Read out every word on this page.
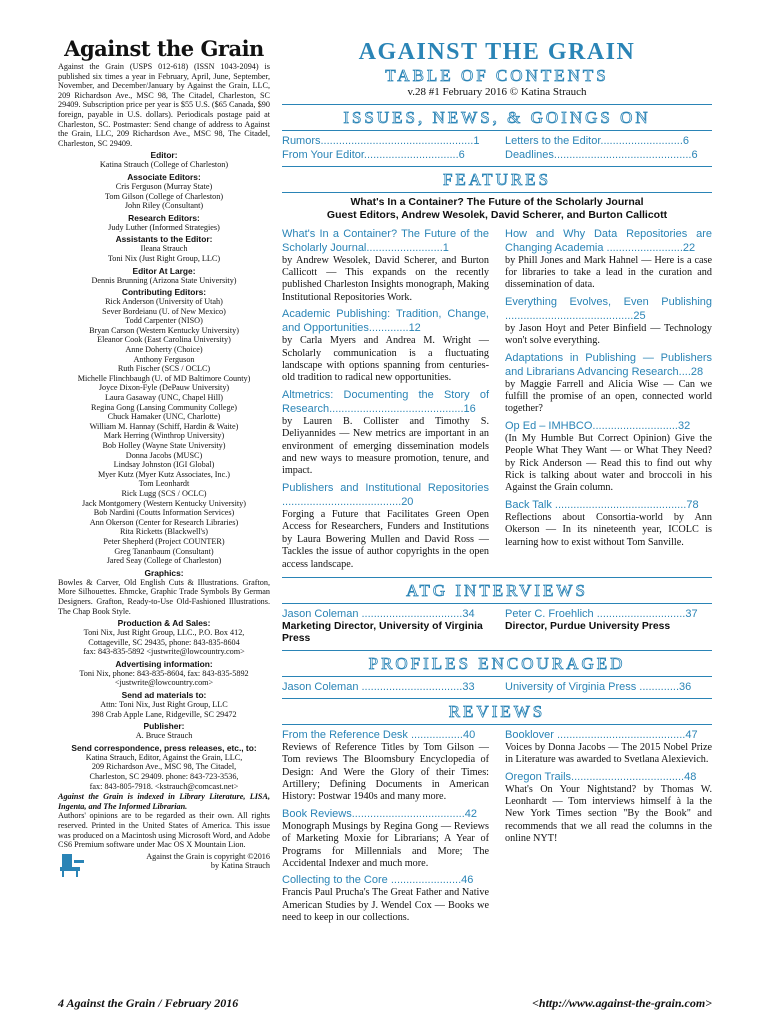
Against the Grain

Against the Grain (USPS 012-618) (ISSN 1043-2094) is published six times a year in February, April, June, September, November, and December/January by Against the Grain, LLC, 209 Richardson Ave., MSC 98, The Citadel, Charleston, SC 29409. Subscription price per year is $55 U.S. ($65 Canada, $90 foreign, payable in U.S. dollars). Periodicals postage paid at Charleston, SC. Postmaster: Send change of address to Against the Grain, LLC, 209 Richardson Ave., MSC 98, The Citadel, Charleston, SC 29409.

Editor:

Katina Strauch (College of Charleston)

Associate Editors:
Cris Ferguson (Murray State)
Tom Gilson (College of Charleston)
John Riley (Consultant)
Research Editors:
Judy Luther (Informed Strategies)
Assistants to the Editor:
Ileana Strauch
Toni Nix (Just Right Group, LLC)
Editor At Large:
Dennis Brunning (Arizona State University)
Contributing Editors:
Rick Anderson (University of Utah)
Sever Bordeianu (U. of New Mexico)
Todd Carpenter (NISO)
Bryan Carson (Western Kentucky University)
Eleanor Cook (East Carolina University)
Anne Doherty (Choice)
Anthony Ferguson
Ruth Fischer (SCS / OCLC)
Michelle Flinchbaugh (U. of MD Baltimore County)
Joyce Dixon-Fyle (DePauw University)
Laura Gasaway (UNC, Chapel Hill)
Regina Gong (Lansing Community College)
Chuck Hamaker (UNC, Charlotte)
William M. Hannay (Schiff, Hardin & Waite)
Mark Herring (Winthrop University)
Bob Holley (Wayne State University)
Donna Jacobs (MUSC)
Lindsay Johnston (IGI Global)
Myer Kutz (Myer Kutz Associates, Inc.)
Tom Leonhardt
Rick Lugg (SCS / OCLC)
Jack Montgomery (Western Kentucky University)
Bob Nardini (Coutts Information Services)
Ann Okerson (Center for Research Libraries)
Rita Ricketts (Blackwell's)
Peter Shepherd (Project COUNTER)
Greg Tananbaum (Consultant)
Jared Seay (College of Charleston)
Graphics:

Bowles & Carver, Old English Cuts & Illustrations. Grafton, More Silhouettes. Ehmcke, Graphic Trade Symbols By German Designers. Grafton, Ready-to-Use Old-Fashioned Illustrations. The Chap Book Style.

Production & Ad Sales:
Toni Nix, Just Right Group, LLC., P.O. Box 412,
Cottageville, SC 29435, phone: 843-835-8604
fax: 843-835-5892 <justwrite@lowcountry.com>
Advertising information:
Toni Nix, phone: 843-835-8604, fax: 843-835-5892
<justwrite@lowcountry.com>
Send ad materials to:
Attn: Toni Nix, Just Right Group, LLC
398 Crab Apple Lane, Ridgeville, SC 29472
Publisher:
A. Bruce Strauch
Send correspondence, press releases, etc., to:
Katina Strauch, Editor, Against the Grain, LLC,
209 Richardson Ave., MSC 98, The Citadel,
Charleston, SC 29409. phone: 843-723-3536,
fax: 843-805-7918. <kstrauch@comcast.net>

Against the Grain is indexed in Library Literature, LISA, Ingenta, and The Informed Librarian.

Authors' opinions are to be regarded as their own. All rights reserved. Printed in the United States of America. This issue was produced on a Macintosh using Microsoft Word, and Adobe CS6 Premium software under Mac OS X Mountain Lion.

Against the Grain is copyright ©2016
by Katina Strauch
AGAINST THE GRAIN
TABLE OF CONTENTS
v.28 #1 February 2016 © Katina Strauch
ISSUES, NEWS, & GOINGS ON
Rumors..................................................1	Letters to the Editor...........................6
From Your Editor...............................6	Deadlines.............................................6
FEATURES
What's In a Container? The Future of the Scholarly Journal
Guest Editors, Andrew Wesolek, David Scherer, and Burton Callicott
What's In a Container? The Future of the Scholarly Journal.........................1
by Andrew Wesolek, David Scherer, and Burton Callicott — This expands on the recently published Charleston Insights monograph, Making Institutional Repositories Work.
Academic Publishing: Tradition, Change, and Opportunities.............12
by Carla Myers and Andrea M. Wright — Scholarly communication is a fluctuating landscape with options spanning from centuries-old tradition to radical new opportunities.
Altmetrics: Documenting the Story of Research............................................16
by Lauren B. Collister and Timothy S. Deliyannides — New metrics are important in an environment of emerging dissemination models and new ways to measure promotion, tenure, and impact.
Publishers and Institutional Repositories .......................................20
Forging a Future that Facilitates Green Open Access for Researchers, Funders and Institutions by Laura Bowering Mullen and David Ross — Tackles the issue of author copyrights in the open access landscape.
How and Why Data Repositories are Changing Academia .........................22
by Phill Jones and Mark Hahnel — Here is a case for libraries to take a lead in the curation and dissemination of data.
Everything Evolves, Even Publishing ..........................................25
by Jason Hoyt and Peter Binfield — Technology won't solve everything.
Adaptations in Publishing — Publishers and Librarians Advancing Research....28
by Maggie Farrell and Alicia Wise — Can we fulfill the promise of an open, connected world together?
Op Ed – IMHBCO............................32
(In My Humble But Correct Opinion) Give the People What They Want — or What They Need? by Rick Anderson — Read this to find out why Rick is talking about water and broccoli in his Against the Grain column.
Back Talk ...........................................78
Reflections about Consortia-world by Ann Okerson — In its nineteenth year, ICOLC is learning how to exist without Tom Sanville.
ATG INTERVIEWS
Jason Coleman .................................34
Marketing Director, University of Virginia Press
Peter C. Froehlich .............................37
Director, Purdue University Press
PROFILES ENCOURAGED
Jason Coleman .................................33	University of Virginia Press .............36
REVIEWS
From the Reference Desk .................40
Reviews of Reference Titles by Tom Gilson — Tom reviews The Bloomsbury Encyclopedia of Design: And Were the Glory of their Times: Artillery; Defining Documents in American History: Postwar 1940s and many more.
Book Reviews.....................................42
Monograph Musings by Regina Gong — Reviews of Marketing Moxie for Librarians; A Year of Programs for Millennials and More; The Accidental Indexer and much more.
Collecting to the Core .......................46
Francis Paul Prucha's The Great Father and Native American Studies by J. Wendel Cox — Books we need to keep in our collections.
Booklover ..........................................47
Voices by Donna Jacobs — The 2015 Nobel Prize in Literature was awarded to Svetlana Alexievich.
Oregon Trails.....................................48
What's On Your Nightstand? by Thomas W. Leonhardt — Tom interviews himself à la the New York Times section "By the Book" and recommends that we all read the columns in the online NYT!
4 Against the Grain / February 2016	<http://www.against-the-grain.com>
